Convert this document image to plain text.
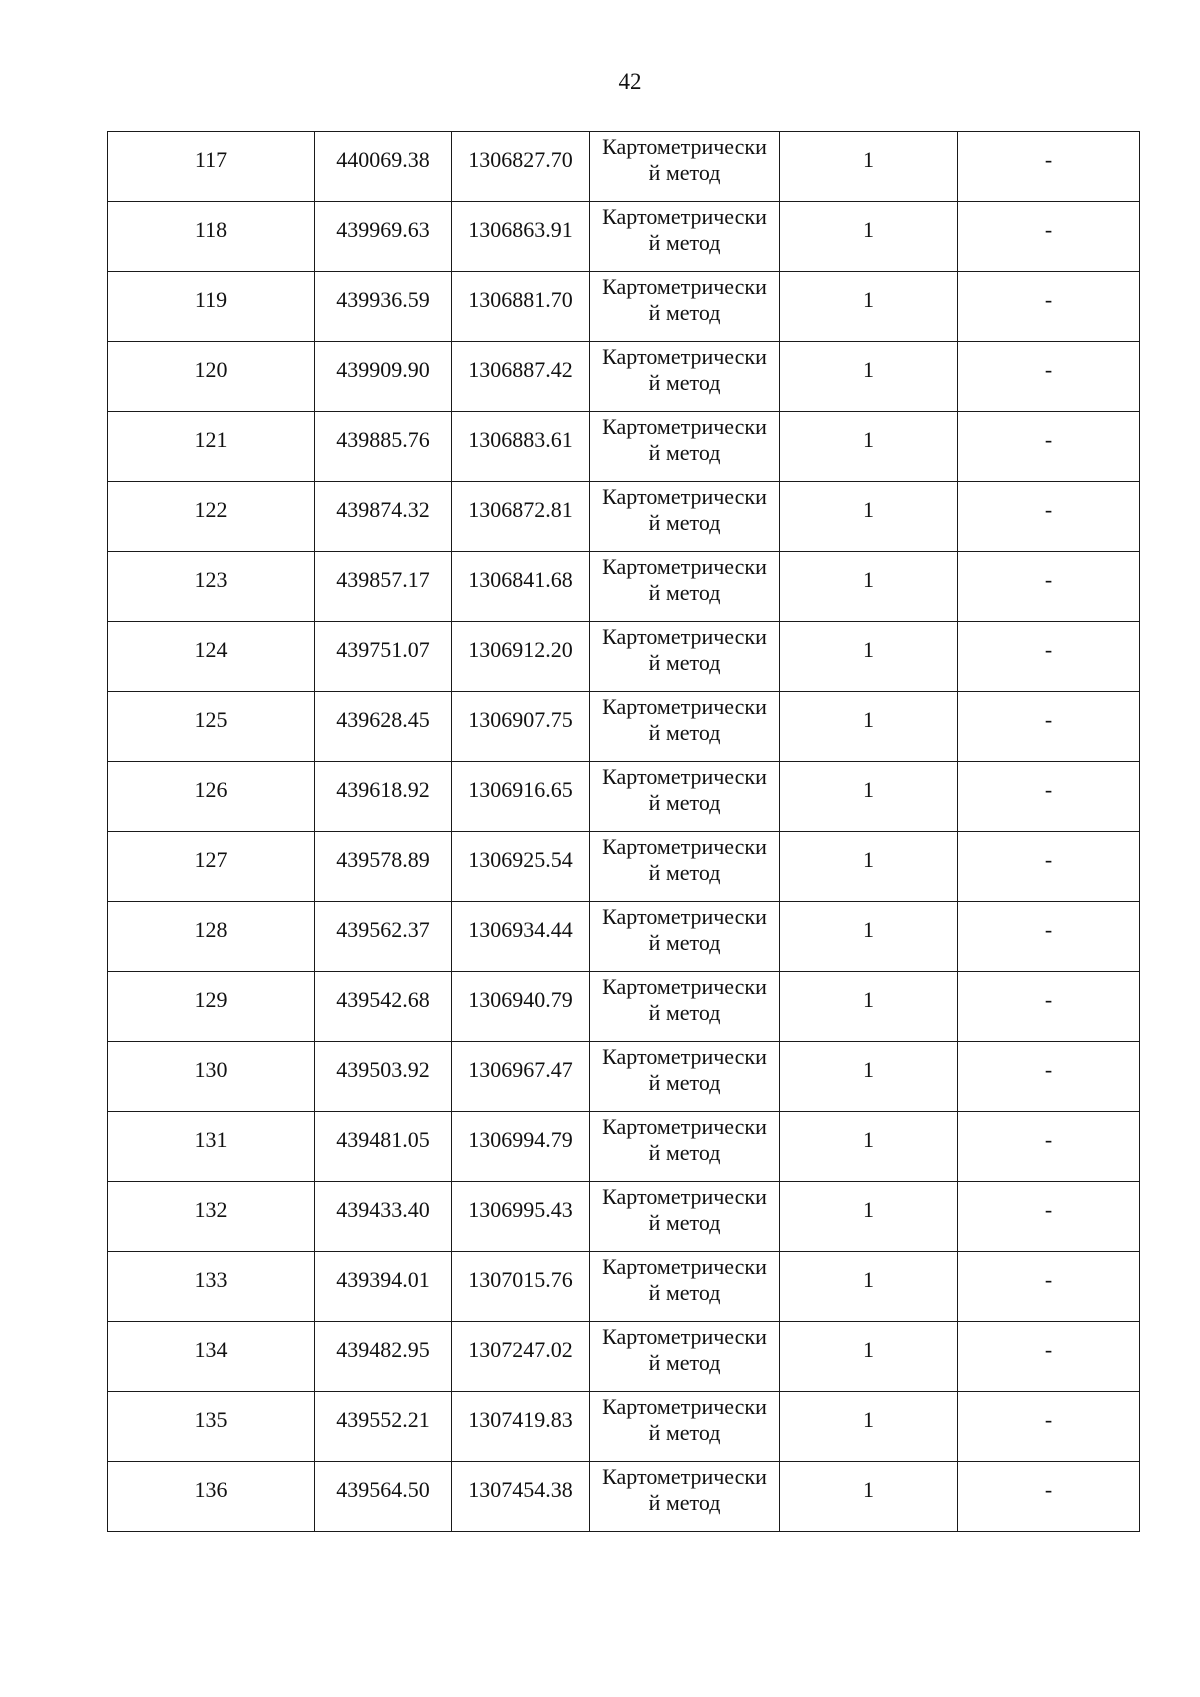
42
117	440069.38	1306827.70	Картометрически
й метод	1	-

118	439969.63	1306863.91	Картометрически
й метод	1	-

119	439936.59	1306881.70	Картометрически
й метод	1	-

120	439909.90	1306887.42	Картометрически
й метод	1	-

121	439885.76	1306883.61	Картометрически
й метод	1	-

122	439874.32	1306872.81	Картометрически
й метод	1	-

123	439857.17	1306841.68	Картометрически
й метод	1	-

124	439751.07	1306912.20	Картометрически
й метод	1	-

125	439628.45	1306907.75	Картометрически
й метод	1	-

126	439618.92	1306916.65	Картометрически
й метод	1	-

127	439578.89	1306925.54	Картометрически
й метод	1	-

128	439562.37	1306934.44	Картометрически
й метод	1	-

129	439542.68	1306940.79	Картометрически
й метод	1	-

130	439503.92	1306967.47	Картометрически
й метод	1	-

131	439481.05	1306994.79	Картометрически
й метод	1	-

132	439433.40	1306995.43	Картометрически
й метод	1	-

133	439394.01	1307015.76	Картометрически
й метод	1	-

134	439482.95	1307247.02	Картометрически
й метод	1	-

135	439552.21	1307419.83	Картометрически
й метод	1	-

136	439564.50	1307454.38	Картометрически
й метод	1	-
